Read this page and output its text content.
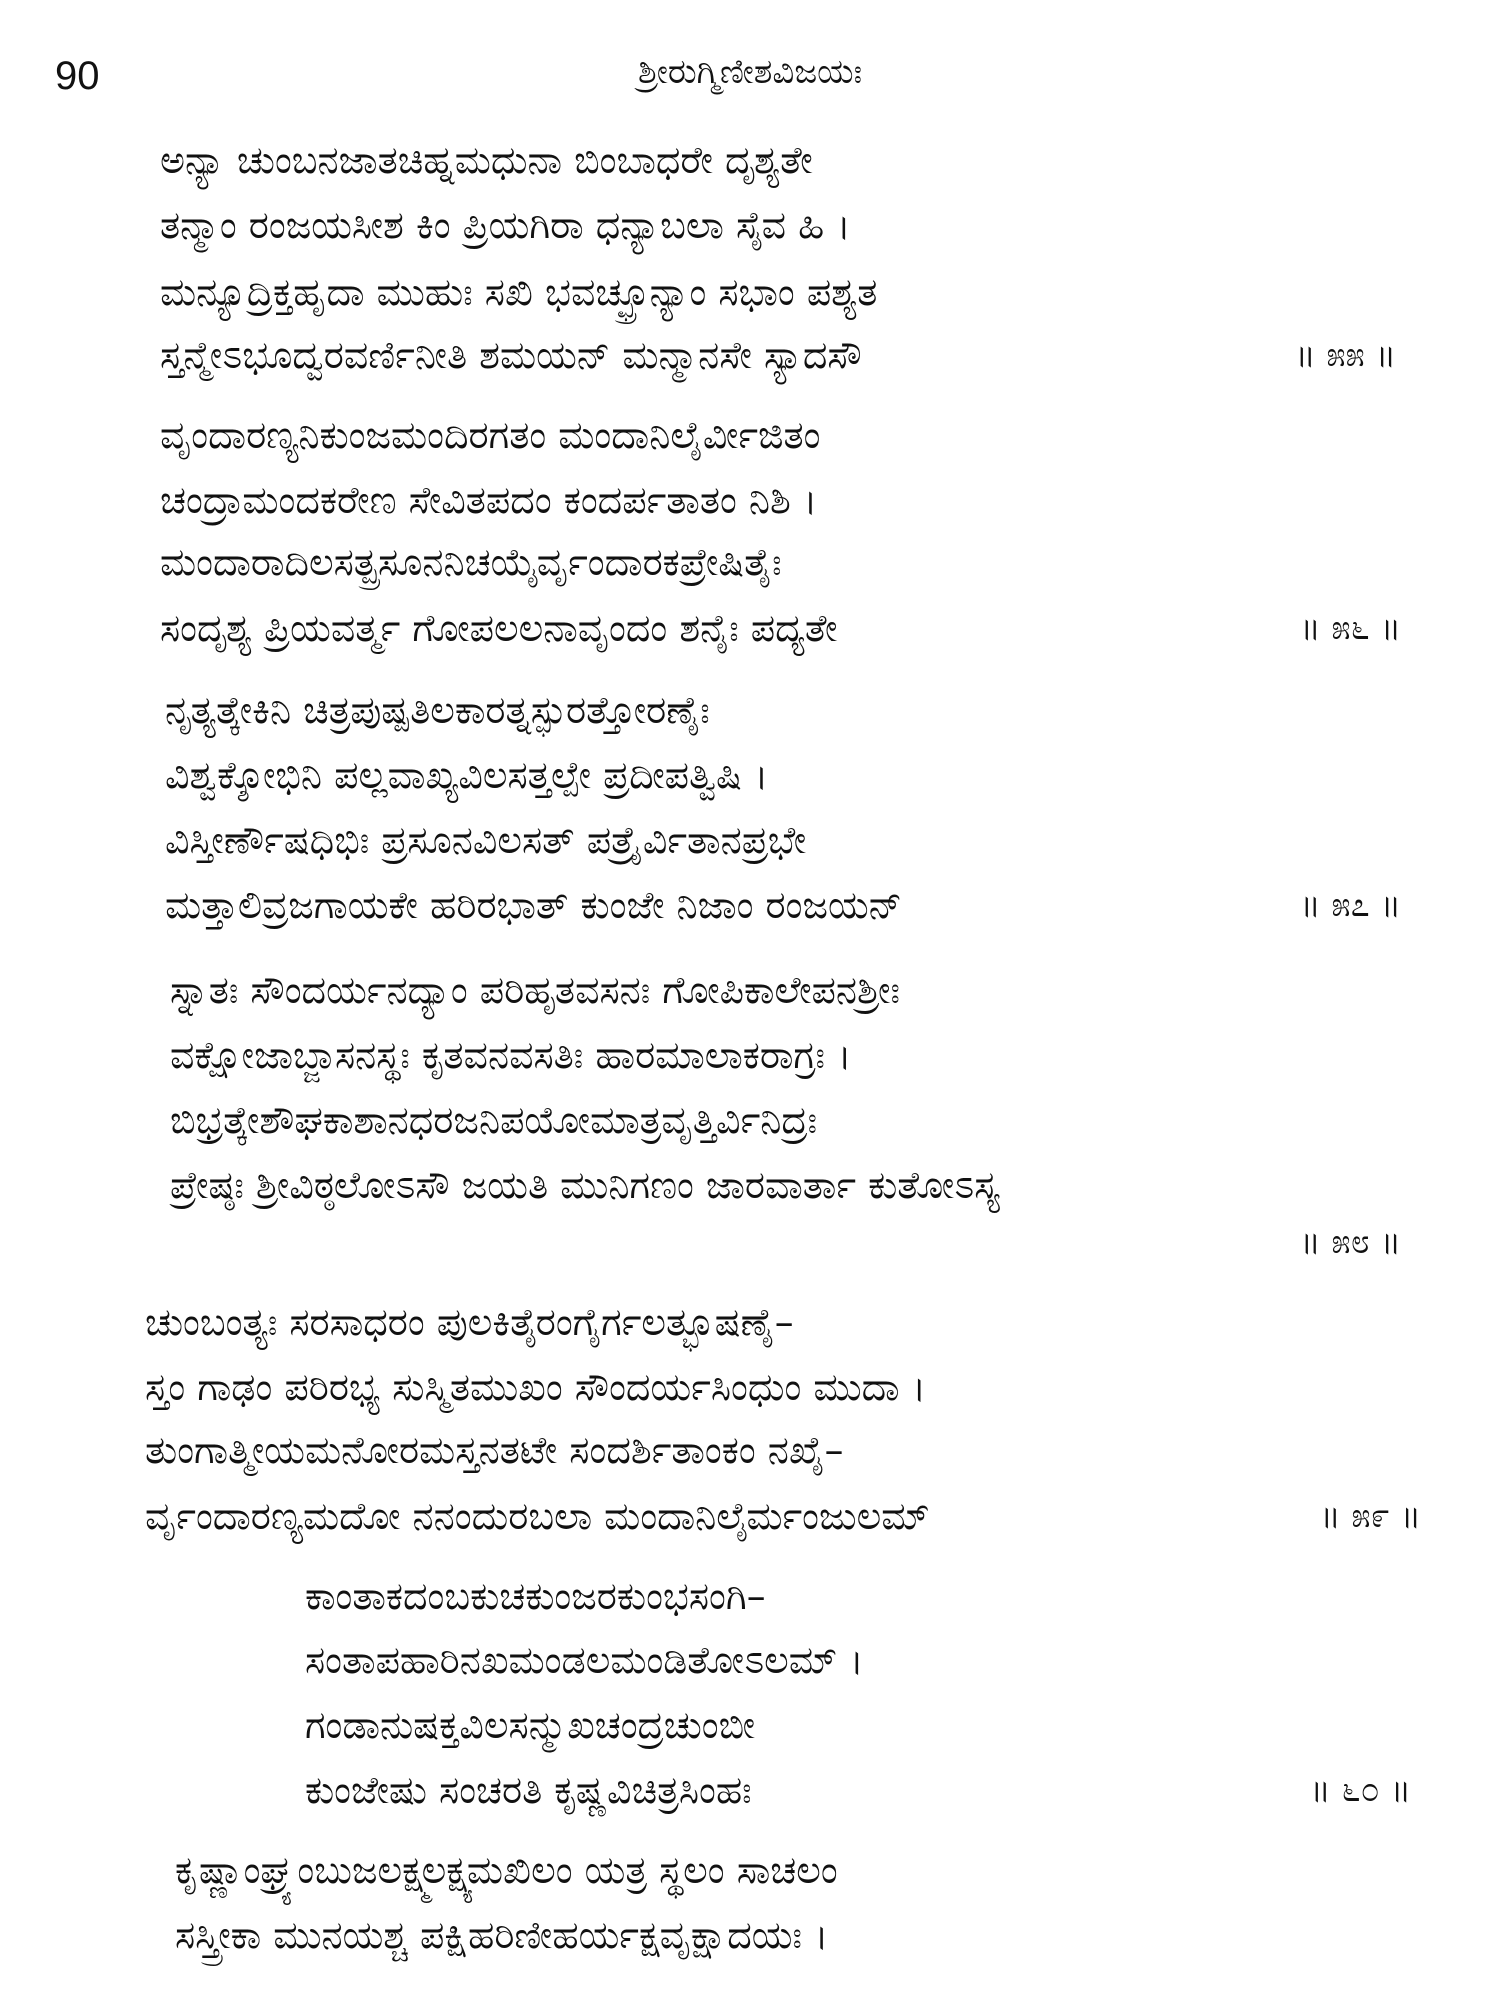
90	ಶ್ರೀರುಗ್ಮಿಣೀಶವಿಜಯಃ
ಅನ್ಯಾ ಚುಂಬನಜಾತಚಿಹ್ನಮಧುನಾ ಬಿಂಬಾಧರೇ ದೃಶ್ಯತೇ
ತನ್ಮಾಂ ರಂಜಯಸೀಶ ಕಿಂ ಪ್ರಿಯಗಿರಾ ಧನ್ಯಾಬಲಾ ಸೈವ ಹಿ ।
ಮನ್ಯೂದ್ರಿಕ್ತಹೃದಾ ಮುಹುಃ ಸಖಿ ಭವಚ್ಛ್ರೂನ್ಯಾಂ ಸಭಾಂ ಪಶ್ಯತ
ಸ್ತನ್ಮೇಽಭೂದ್ವರವರ್ಣಿನೀತಿ ಶಮಯನ್ ಮನ್ಮಾನಸೇ ಸ್ಯಾದಸೌ	॥ ೫೫ ॥
ವೃಂದಾರಣ್ಯನಿಕುಂಜಮಂದಿರಗತಂ ಮಂದಾನಿಲೈರ್ವೀಜಿತಂ
ಚಂದ್ರಾಮಂದಕರೇಣ ಸೇವಿತಪದಂ ಕಂದರ್ಪತಾತಂ ನಿಶಿ ।
ಮಂದಾರಾದಿಲಸತ್ಪ್ರಸೂನನಿಚಯೈರ್ವೃಂದಾರಕಪ್ರೇಷಿತೈಃ
ಸಂದೃಶ್ಯ ಪ್ರಿಯವರ್ತ್ಮ ಗೋಪಲಲನಾವೃಂದಂ ಶನೈಃ ಪದ್ಯತೇ	॥ ೫೬ ॥
ನೃತ್ಯತ್ಕೇಕಿನಿ ಚಿತ್ರಪುಷ್ಪತಿಲಕಾರತ್ನಸ್ಫುರತ್ತೋರಣೈಃ
ವಿಶ್ವಕ್ಶೋಭಿನಿ ಪಲ್ಲವಾಖ್ಯವಿಲಸತ್ತಲ್ಪೇ ಪ್ರದೀಪತ್ವಿಷಿ ।
ವಿಸ್ತೀರ್ಣೌಷಧಿಭಿಃ ಪ್ರಸೂನವಿಲಸತ್ ಪತ್ರೈರ್ವಿತಾನಪ್ರಭೇ
ಮತ್ತಾಲಿವ್ರಜಗಾಯಕೇ ಹರಿರಭಾತ್ ಕುಂಜೇ ನಿಜಾಂ ರಂಜಯನ್	॥ ೫೭ ॥
ಸ್ನಾತಃ ಸೌಂದರ್ಯನದ್ಯಾಂ ಪರಿಹೃತವಸನಃ ಗೋಪಿಕಾಲೇಪನಶ್ರೀಃ
ವಕ್ಷೋಜಾಬ್ಜಾಸನಸ್ಥಃ ಕೃತವನವಸತಿಃ ಹಾರಮಾಲಾಕರಾಗ್ರಃ ।
ಬಿಭ್ರತ್ಕೇಶೌಘಕಾಶಾನಧರಜನಿಪಯೋಮಾತ್ರವೃತ್ತಿರ್ವಿನಿದ್ರಃ
ಪ್ರೇಷ್ಠಃ ಶ್ರೀವಿಠ್ಠಲೋಽಸೌ ಜಯತಿ ಮುನಿಗಣಂ ಜಾರವಾರ್ತಾ ಕುತೋಽಸ್ಯ
॥ ೫೮ ॥
ಚುಂಬಂತ್ಯಃ ಸರಸಾಧರಂ ಪುಲಕಿತೈರಂಗೈರ್ಗಲತ್ಭೂಷಣೈ–
ಸ್ತಂ ಗಾಢಂ ಪರಿರಭ್ಯ ಸುಸ್ಮಿತಮುಖಂ ಸೌಂದರ್ಯಸಿಂಧುಂ ಮುದಾ ।
ತುಂಗಾತ್ಮೀಯಮನೋರಮಸ್ತನತಟೇ ಸಂದರ್ಶಿತಾಂಕಂ ನಖೈ–
ರ್ವೃಂದಾರಣ್ಯಮದೋ ನನಂದುರಬಲಾ ಮಂದಾನಿಲೈರ್ಮಂಜುಲಮ್	॥ ೫೯ ॥
ಕಾಂತಾಕದಂಬಕುಚಕುಂಜರಕುಂಭಸಂಗಿ–
ಸಂತಾಪಹಾರಿನಖಮಂಡಲಮಂಡಿತೋಽಲಮ್ ।
ಗಂಡಾನುಷಕ್ತವಿಲಸನ್ಮುಖಚಂದ್ರಚುಂಬೀ
ಕುಂಜೇಷು ಸಂಚರತಿ ಕೃಷ್ಣವಿಚಿತ್ರಸಿಂಹಃ	॥ ೬೦ ॥
ಕೃಷ್ಣಾಂಘ್ರ್ಯಂಬುಜಲಕ್ಷ್ಮಲಕ್ಷ್ಯಮಖಿಲಂ ಯತ್ರ ಸ್ಥಲಂ ಸಾಚಲಂ
ಸಸ್ತ್ರೀಕಾ ಮುನಯಶ್ಚ ಪಕ್ಷಿಹರಿಣೀಹರ್ಯಕ್ಷವೃಕ್ಷಾದಯಃ ।
